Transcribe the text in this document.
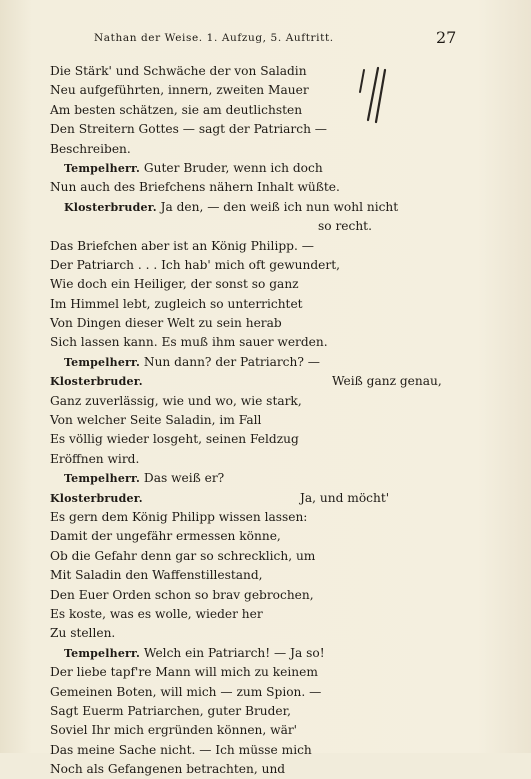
Nathan der Weise. 1. Aufzug, 5. Auftritt.	27
Die Stärk' und Schwäche der von Saladin
Neu aufgeführten, innern, zweiten Mauer
Am besten schätzen, sie am deutlichsten
Den Streitern Gottes — sagt der Patriarch —
Beschreiben.
Tempelherr. Guter Bruder, wenn ich doch
Nun auch des Briefchens nähern Inhalt wüßte.
Klosterbruder. Ja den, — den weiß ich nun wohl nicht
so recht.
Das Briefchen aber ist an König Philipp. —
Der Patriarch . . . Ich hab' mich oft gewundert,
Wie doch ein Heiliger, der sonst so ganz
Im Himmel lebt, zugleich so unterrichtet
Von Dingen dieser Welt zu sein herab
Sich lassen kann. Es muß ihm sauer werden.
Tempelherr. Nun dann? der Patriarch? —
Klosterbruder.	Weiß ganz genau,
Ganz zuverlässig, wie und wo, wie stark,
Von welcher Seite Saladin, im Fall
Es völlig wieder losgeht, seinen Feldzug
Eröffnen wird.
Tempelherr. Das weiß er?
Klosterbruder.	Ja, und möcht'
Es gern dem König Philipp wissen lassen:
Damit der ungefähr ermessen könne,
Ob die Gefahr denn gar so schrecklich, um
Mit Saladin den Waffenstillestand,
Den Euer Orden schon so brav gebrochen,
Es koste, was es wolle, wieder her
Zu stellen.
Tempelherr. Welch ein Patriarch! — Ja so!
Der liebe tapf're Mann will mich zu keinem
Gemeinen Boten, will mich — zum Spion. —
Sagt Euerm Patriarchen, guter Bruder,
Soviel Ihr mich ergründen können, wär'
Das meine Sache nicht. — Ich müsse mich
Noch als Gefangenen betrachten, und
